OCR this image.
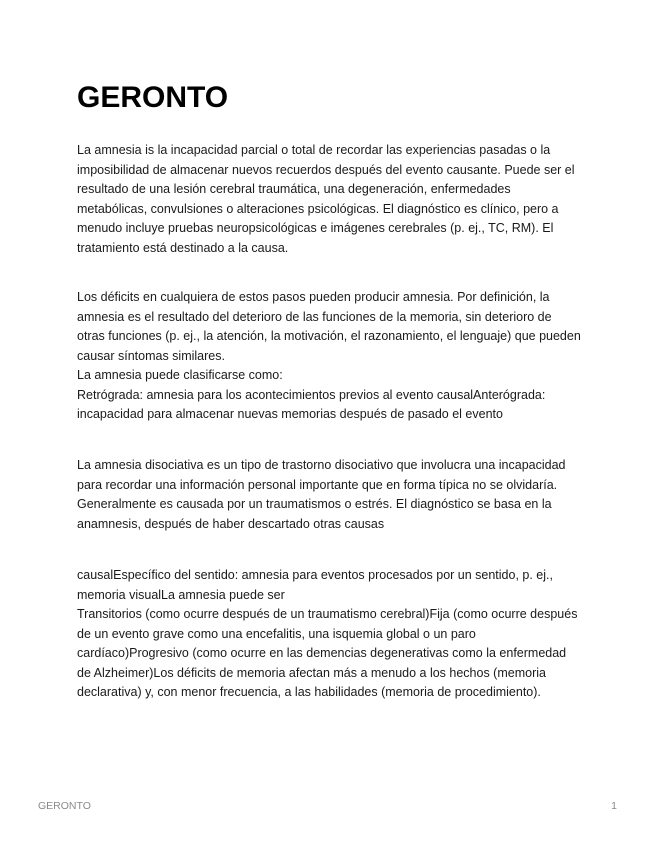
GERONTO

La amnesia is la incapacidad parcial o total de recordar las experiencias pasadas o la imposibilidad de almacenar nuevos recuerdos después del evento causante. Puede ser el resultado de una lesión cerebral traumática, una degeneración, enfermedades metabólicas, convulsiones o alteraciones psicológicas. El diagnóstico es clínico, pero a menudo incluye pruebas neuropsicológicas e imágenes cerebrales (p. ej., TC, RM). El tratamiento está destinado a la causa.

Los déficits en cualquiera de estos pasos pueden producir amnesia. Por definición, la amnesia es el resultado del deterioro de las funciones de la memoria, sin deterioro de otras funciones (p. ej., la atención, la motivación, el razonamiento, el lenguaje) que pueden causar síntomas similares.

La amnesia puede clasificarse como:

Retrógrada: amnesia para los acontecimientos previos al evento causalAnterógrada: incapacidad para almacenar nuevas memorias después de pasado el evento

La amnesia disociativa es un tipo de trastorno disociativo que involucra una incapacidad para recordar una información personal importante que en forma típica no se olvidaría. Generalmente es causada por un traumatismos o estrés. El diagnóstico se basa en la anamnesis, después de haber descartado otras causas

causalEspecífico del sentido: amnesia para eventos procesados por un sentido, p. ej., memoria visualLa amnesia puede ser

Transitorios (como ocurre después de un traumatismo cerebral)Fija (como ocurre después de un evento grave como una encefalitis, una isquemia global o un paro cardíaco)Progresivo (como ocurre en las demencias degenerativas como la enfermedad de Alzheimer)Los déficits de memoria afectan más a menudo a los hechos (memoria declarativa) y, con menor frecuencia, a las habilidades (memoria de procedimiento).

GERONTO	1
